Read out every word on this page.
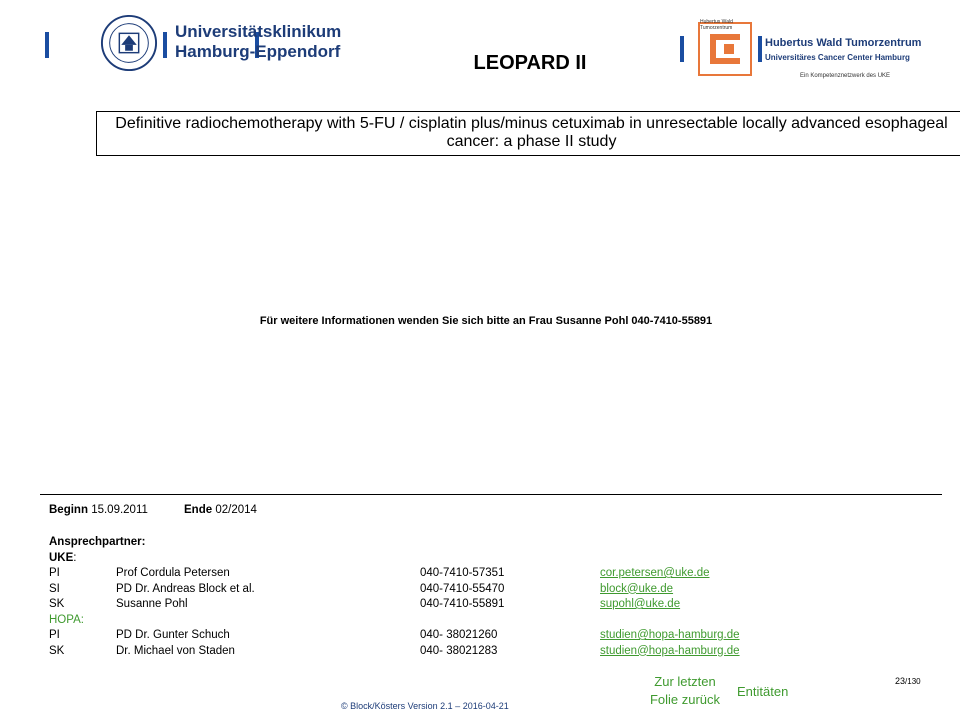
Universitätsklinikum
Hamburg-Eppendorf
Hubertus Wald
Tumorzentrum
Hubertus Wald Tumorzentrum
Universitäres Cancer Center Hamburg
Ein Kompetenznetzwerk des UKE
LEOPARD II
Definitive radiochemotherapy with 5-FU / cisplatin plus/minus cetuximab in unresectable locally advanced esophageal cancer: a phase II study
Für weitere Informationen wenden Sie sich bitte an Frau Susanne Pohl 040-7410-55891
Beginn 15.09.2011	Ende 02/2014
Ansprechpartner:
UKE:
PI	Prof Cordula Petersen	040-7410-57351	cor.petersen@uke.de
SI	PD Dr. Andreas Block et al.	040-7410-55470	block@uke.de
SK	Susanne Pohl	040-7410-55891	supohl@uke.de
HOPA:			
PI	PD Dr. Gunter Schuch	040- 38021260	studien@hopa-hamburg.de
SK	Dr. Michael von Staden	040- 38021283	studien@hopa-hamburg.de
Zur letzten
Folie zurück
Entitäten
23/130
© Block/Kösters Version 2.1 – 2016-04-21
